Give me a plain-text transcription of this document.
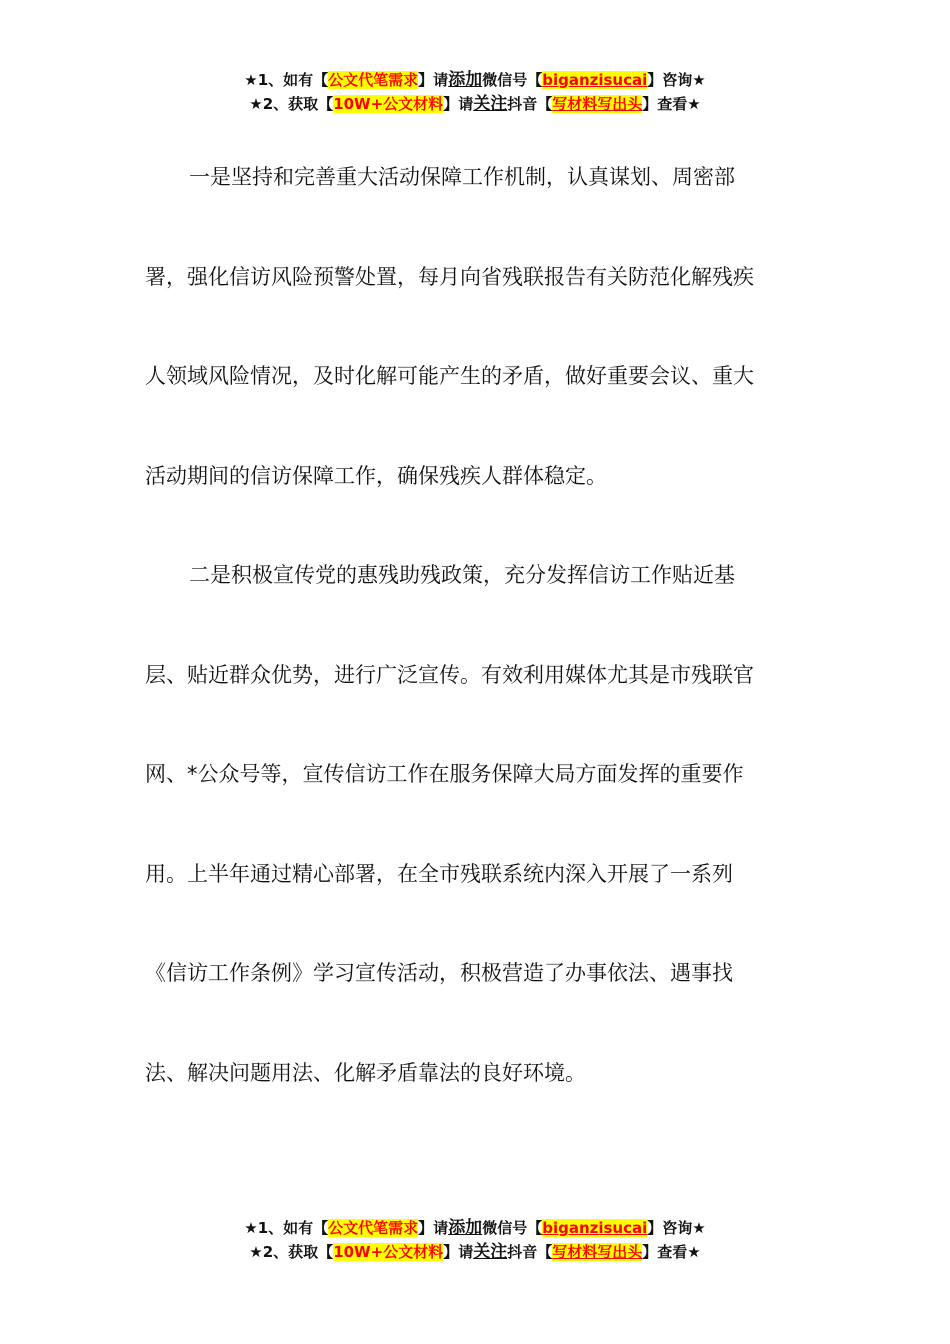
★1、如有【公文代笔需求】请添加微信号【biganzisucai】咨询★
★2、获取【10W+公文材料】请关注抖音【写材料写出头】查看★

一是坚持和完善重大活动保障工作机制，认真谋划、周密部
署，强化信访风险预警处置，每月向省残联报告有关防范化解残疾
人领域风险情况，及时化解可能产生的矛盾，做好重要会议、重大
活动期间的信访保障工作，确保残疾人群体稳定。

二是积极宣传党的惠残助残政策，充分发挥信访工作贴近基
层、贴近群众优势，进行广泛宣传。有效利用媒体尤其是市残联官
网、*公众号等，宣传信访工作在服务保障大局方面发挥的重要作
用。上半年通过精心部署，在全市残联系统内深入开展了一系列
《信访工作条例》学习宣传活动，积极营造了办事依法、遇事找
法、解决问题用法、化解矛盾靠法的良好环境。

★1、如有【公文代笔需求】请添加微信号【biganzisucai】咨询★
★2、获取【10W+公文材料】请关注抖音【写材料写出头】查看★
